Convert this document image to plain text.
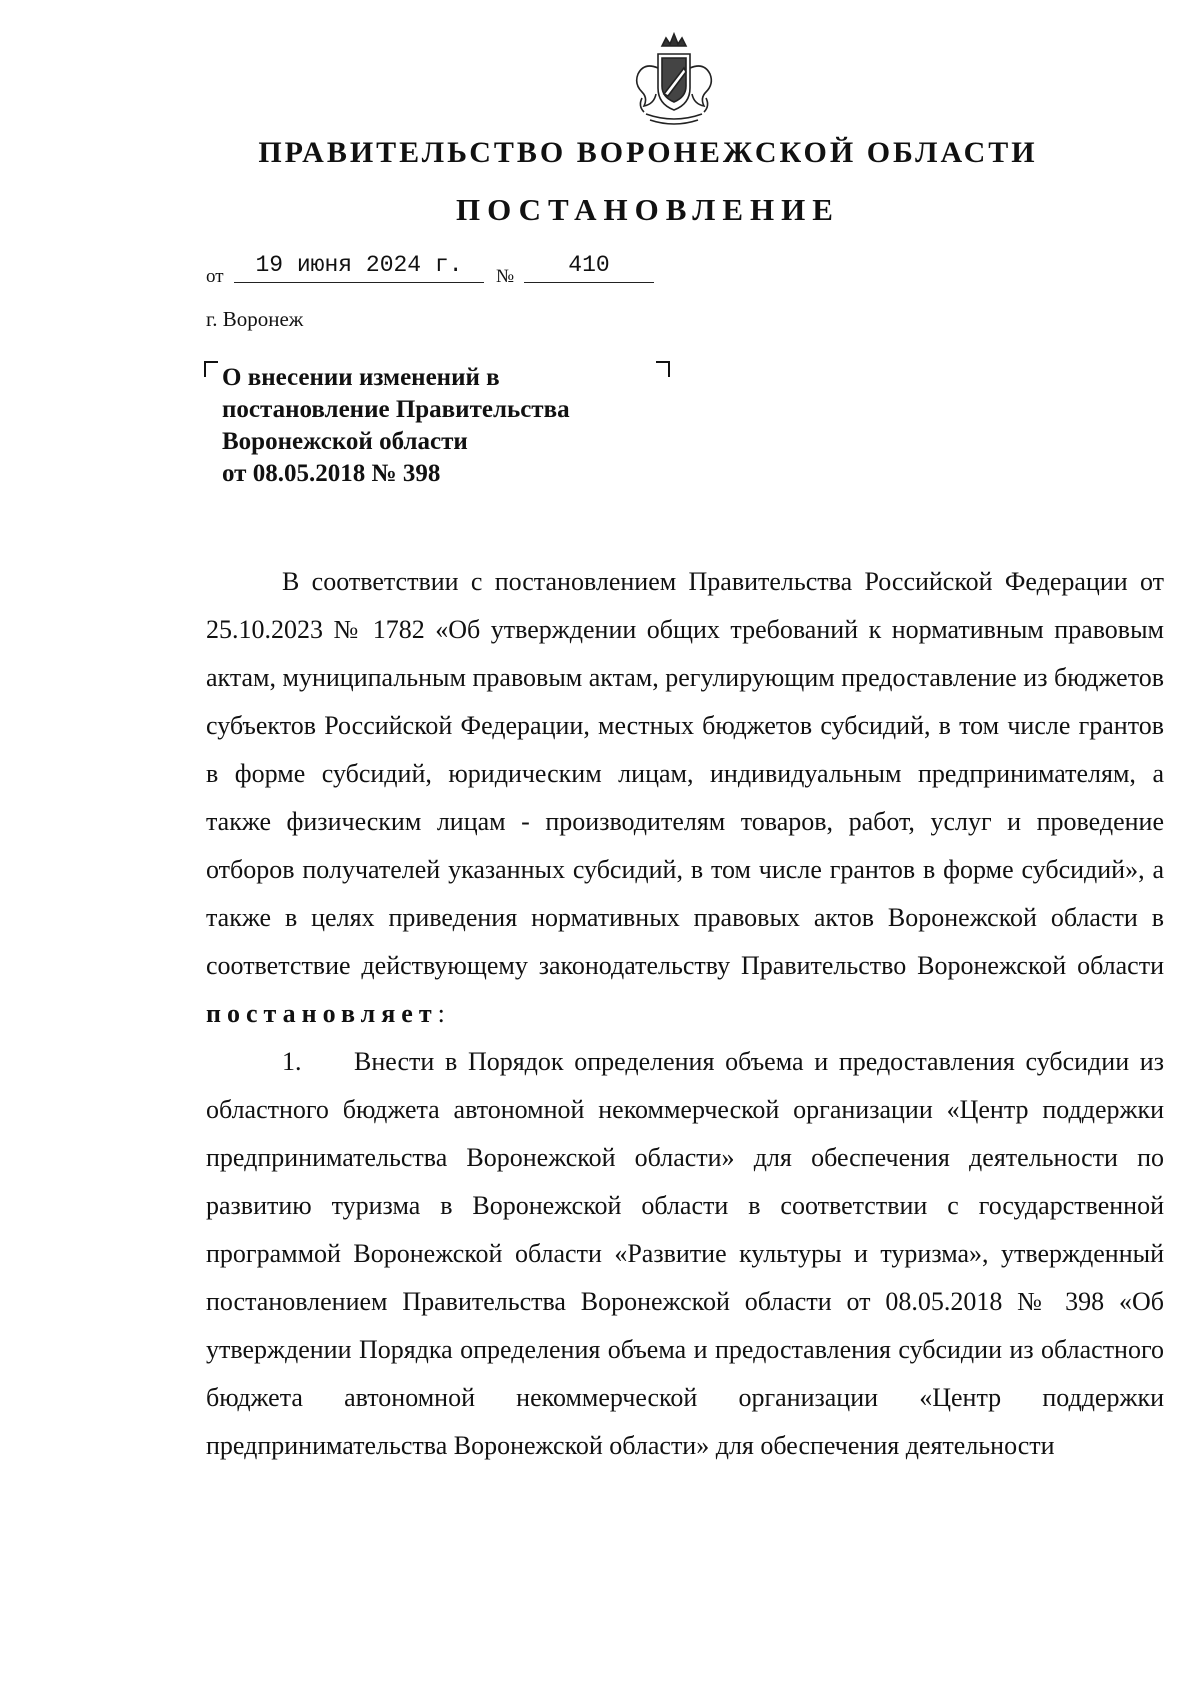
ПРАВИТЕЛЬСТВО ВОРОНЕЖСКОЙ ОБЛАСТИ
ПОСТАНОВЛЕНИЕ
от	19 июня 2024 г.	№	410
г. Воронеж
О внесении изменений в
постановление Правительства
Воронежской области
от 08.05.2018 № 398

В соответствии с постановлением Правительства Российской Федерации от 25.10.2023 № 1782 «Об утверждении общих требований к нормативным правовым актам, муниципальным правовым актам, регулирующим предоставление из бюджетов субъектов Российской Федерации, местных бюджетов субсидий, в том числе грантов в форме субсидий, юридическим лицам, индивидуальным предпринимателям, а также физическим лицам - производителям товаров, работ, услуг и проведение отборов получателей указанных субсидий, в том числе грантов в форме субсидий», а также в целях приведения нормативных правовых актов Воронежской области в соответствие действующему законодательству Правительство Воронежской области постановляет:

1. Внести в Порядок определения объема и предоставления субсидии из областного бюджета автономной некоммерческой организации «Центр поддержки предпринимательства Воронежской области» для обеспечения деятельности по развитию туризма в Воронежской области в соответствии с государственной программой Воронежской области «Развитие культуры и туризма», утвержденный постановлением Правительства Воронежской области от 08.05.2018 № 398 «Об утверждении Порядка определения объема и предоставления субсидии из областного бюджета автономной некоммерческой организации «Центр поддержки предпринимательства Воронежской области» для обеспечения деятельности
